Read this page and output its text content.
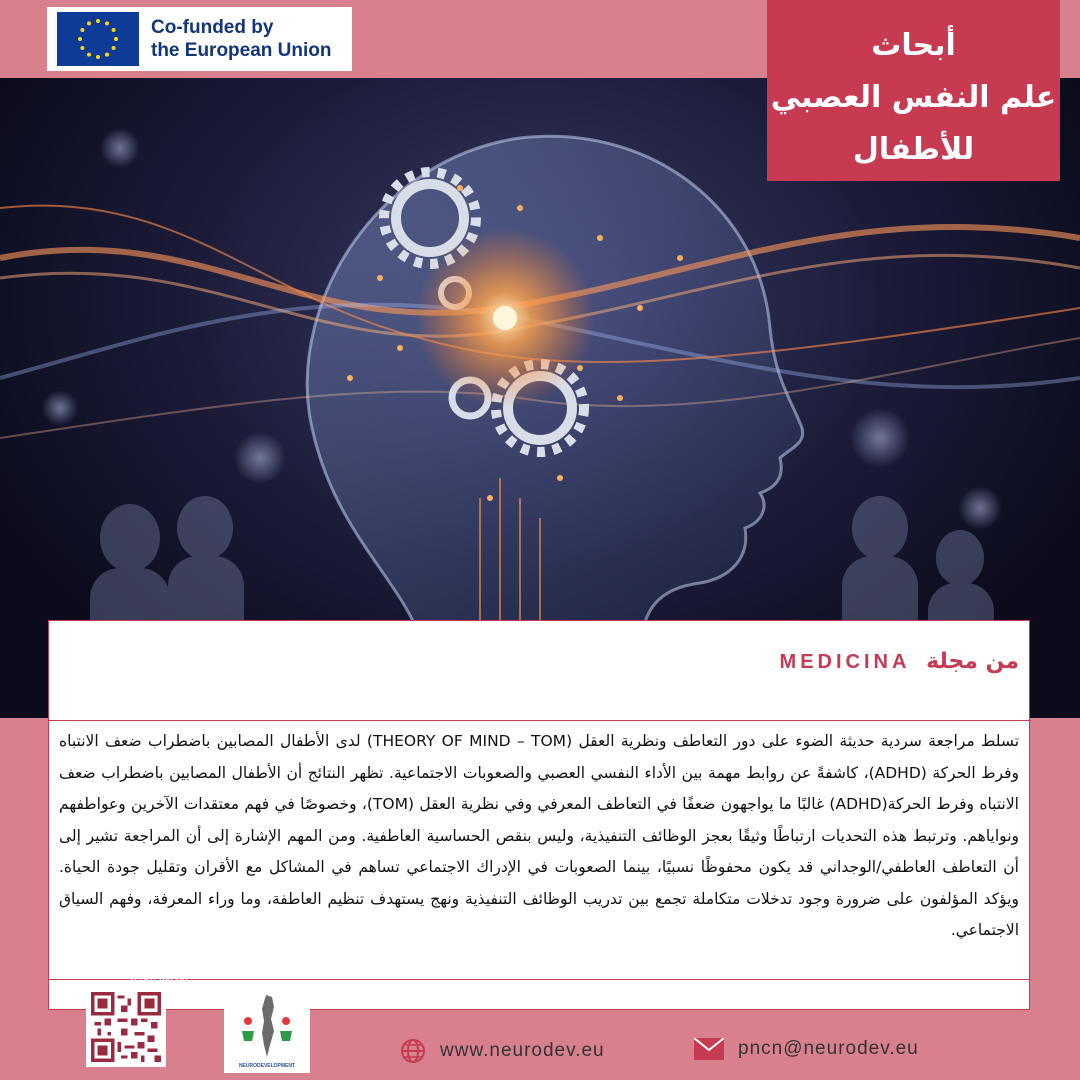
Co-funded by
the European Union	أبحاث
علم النفس العصبي
للأطفال
من مجلة MEDICINA
تسلط مراجعة سردية حديثة الضوء على دور التعاطف ونظرية العقل (THEORY OF MIND – TOM) لدى الأطفال المصابين باضطراب ضعف الانتباه وفرط الحركة (ADHD)، كاشفةً عن روابط مهمة بين الأداء النفسي العصبي والصعوبات الاجتماعية. تظهر النتائج أن الأطفال المصابين باضطراب ضعف الانتباه وفرط الحركة(ADHD) غالبًا ما يواجهون ضعفًا في التعاطف المعرفي وفي نظرية العقل (TOM)، وخصوصًا في فهم معتقدات الآخرين وعواطفهم ونواياهم. وترتبط هذه التحديات ارتباطًا وثيقًا بعجز الوظائف التنفيذية، وليس بنقص الحساسية العاطفية. ومن المهم الإشارة إلى أن المراجعة تشير إلى أن التعاطف العاطفي/الوجداني قد يكون محفوظًا نسبيًا، بينما الصعوبات في الإدراك الاجتماعي تساهم في المشاكل مع الأقران وتقليل جودة الحياة. ويؤكد المؤلفون على ضرورة وجود تدخلات متكاملة تجمع بين تدريب الوظائف التنفيذية ونهج يستهدف تنظيم العاطفة، وما وراء المعرفة، وفهم السياق الاجتماعي.
لقراءة المزيد
NEURODEVELOPMENT
www.neurodev.eu	pncn@neurodev.eu
